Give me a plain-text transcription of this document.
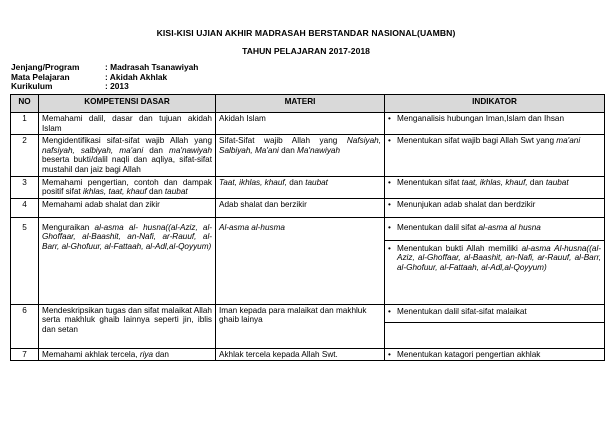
KISI-KISI UJIAN AKHIR MADRASAH BERSTANDAR NASIONAL(UAMBN)
TAHUN PELAJARAN 2017-2018
Jenjang/Program	: Madrasah Tsanawiyah
Mata Pelajaran	: Akidah Akhlak
Kurikulum	: 2013
NO	KOMPETENSI DASAR	MATERI	INDIKATOR
1	Memahami dalil, dasar dan tujuan akidah Islam	Akidah Islam	• Menganalisis hubungan Iman,Islam dan Ihsan

2	Mengidentifikasi sifat-sifat wajib Allah yang nafsiyah, salbiyah, ma'ani dan ma'nawiyah beserta bukti/dalil naqli dan aqliya, sifat-sifat mustahil dan jaiz bagi Allah	Sifat-Sifat wajib Allah yang Nafsiyah, Salbiyah, Ma'ani dan Ma'nawiyah	• Menentukan sifat wajib bagi Allah Swt yang ma'ani

3	Memahami pengertian, contoh dan dampak positif sifat ikhlas, taat, khauf dan taubat	Taat, ikhlas, khauf, dan taubat	• Menentukan sifat taat, ikhlas, khauf, dan taubat

4	Memahami adab shalat dan zikir	Adab shalat dan berzikir	• Menunjukan adab shalat dan berdzikir

5	Menguraikan al-asma al- husna((al-Aziz, al-Ghoffaar, al-Baashit, an-Nafi, ar-Rauuf, al-Barr, al-Ghofuur, al-Fattaah, al-Adl,al-Qoyyum)	Al-asma al-husma	• Menentukan dalil sifat al-asma al husna
• Menentukan bukti Allah memiliki al-asma Al-husna((al-Aziz, al-Ghoffaar, al-Baashit, an-Nafi, ar-Rauuf, al-Barr, al-Ghofuur, al-Fattaah, al-Adl,al-Qoyyum)

6	Mendeskripsikan tugas dan sifat malaikat Allah serta makhluk ghaib lainnya seperti jin, iblis dan setan	Iman kepada para malaikat dan makhluk ghaib lainya	• Menentukan dalil sifat-sifat malaikat

7	Memahami akhlak tercela, riya dan	Akhlak tercela kepada Allah Swt.	• Menentukan katagori pengertian akhlak
